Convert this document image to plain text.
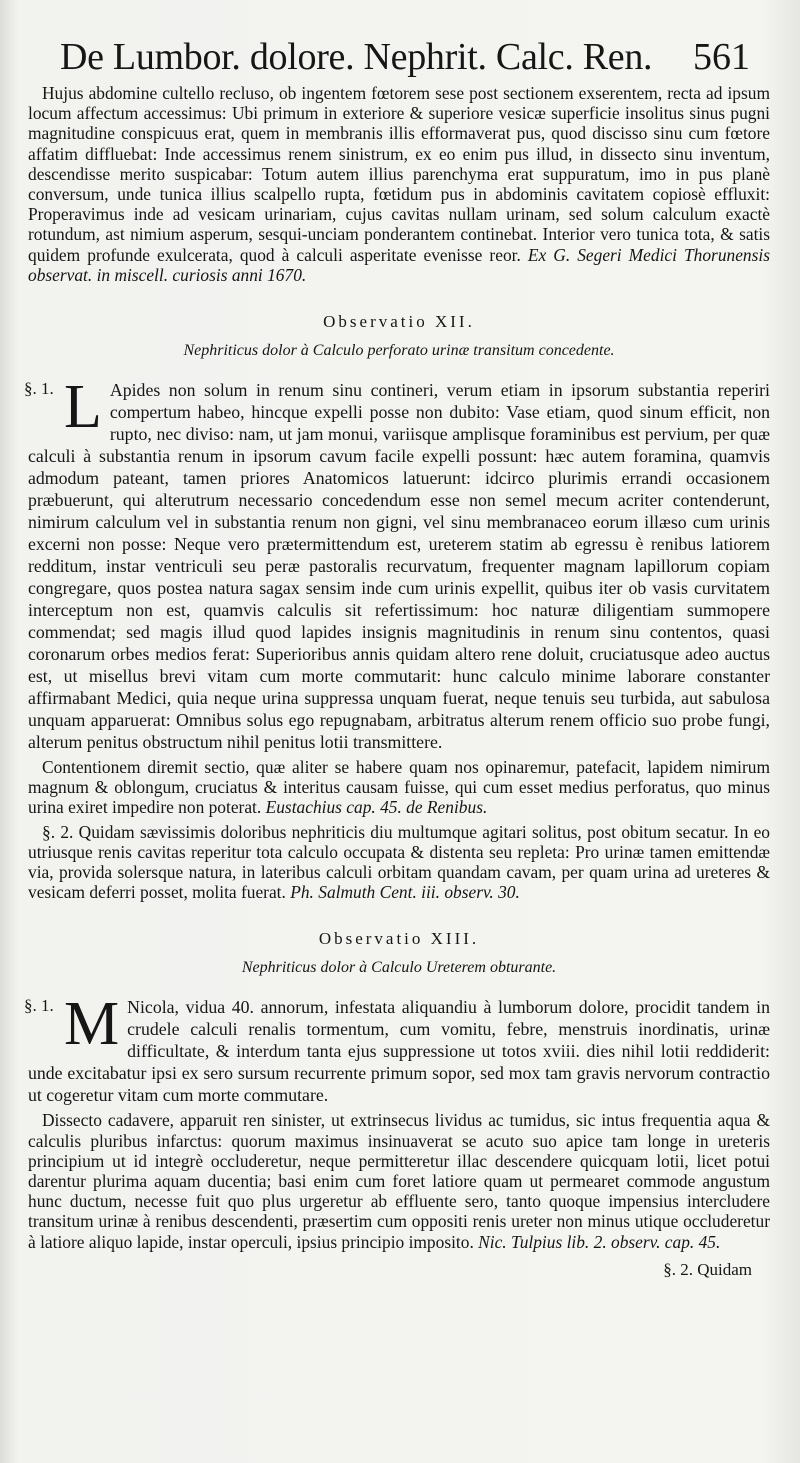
De Lumbor. dolore. Nephrit. Calc. Ren. 561

Hujus abdomine cultello recluso, ob ingentem fœtorem sese post sectionem exserentem, recta ad ipsum locum affectum accessimus: Ubi primum in exteriore & superiore vesicæ superficie insolitus sinus pugni magnitudine conspicuus erat, quem in membranis illis efformaverat pus, quod discisso sinu cum fœtore affatim diffluebat: Inde accessimus renem sinistrum, ex eo enim pus illud, in dissecto sinu inventum, descendisse merito suspicabar: Totum autem illius parenchyma erat suppuratum, imo in pus planè conversum, unde tunica illius scalpello rupta, fœtidum pus in abdominis cavitatem copiosè effluxit: Properavimus inde ad vesicam urinariam, cujus cavitas nullam urinam, sed solum calculum exactè rotundum, ast nimium asperum, sesqui-unciam ponderantem continebat. Interior vero tunica tota, & satis quidem profunde exulcerata, quod à calculi asperitate evenisse reor. Ex G. Segeri Medici Thorunensis observat. in miscell. curiosis anni 1670.

Observatio XII.
Nephriticus dolor à Calculo perforato urinæ transitum concedente.
§. 1. L Apides non solum in renum sinu contineri, verum etiam in ipsorum substantia reperiri compertum habeo, hincque expelli posse non dubito: Vase etiam, quod sinum efficit, non rupto, nec diviso: nam, ut jam monui, variisque amplisque foraminibus est pervium, per quæ calculi à substantia renum in ipsorum cavum facile expelli possunt: hæc autem foramina, quamvis admodum pateant, tamen priores Anatomicos latuerunt: idcirco plurimis errandi occasionem præbuerunt, qui alterutrum necessario concedendum esse non semel mecum acriter contenderunt, nimirum calculum vel in substantia renum non gigni, vel sinu membranaceo eorum illæso cum urinis excerni non posse: Neque vero prætermittendum est, ureterem statim ab egressu è renibus latiorem redditum, instar ventriculi seu peræ pastoralis recurvatum, frequenter magnam lapillorum copiam congregare, quos postea natura sagax sensim inde cum urinis expellit, quibus iter ob vasis curvitatem interceptum non est, quamvis calculis sit refertissimum: hoc naturæ diligentiam summopere commendat; sed magis illud quod lapides insignis magnitudinis in renum sinu contentos, quasi coronarum orbes medios ferat: Superioribus annis quidam altero rene doluit, cruciatusque adeo auctus est, ut misellus brevi vitam cum morte commutarit: hunc calculo minime laborare constanter affirmabant Medici, quia neque urina suppressa unquam fuerat, neque tenuis seu turbida, aut sabulosa unquam apparuerat: Omnibus solus ego repugnabam, arbitratus alterum renem officio suo probe fungi, alterum penitus obstructum nihil penitus lotii transmittere.

Contentionem diremit sectio, quæ aliter se habere quam nos opinaremur, patefacit, lapidem nimirum magnum & oblongum, cruciatus & interitus causam fuisse, qui cum esset medius perforatus, quo minus urina exiret impedire non poterat. Eustachius cap. 45. de Renibus.

§. 2. Quidam sævissimis doloribus nephriticis diu multumque agitari solitus, post obitum secatur. In eo utriusque renis cavitas reperitur tota calculo occupata & distenta seu repleta: Pro urinæ tamen emittendæ via, provida solersque natura, in lateribus calculi orbitam quandam cavam, per quam urina ad ureteres & vesicam deferri posset, molita fuerat. Ph. Salmuth Cent. iii. observ. 30.

Observatio XIII.
Nephriticus dolor à Calculo Ureterem obturante.
§. 1. M Nicola, vidua 40. annorum, infestata aliquandiu à lumborum dolore, procidit tandem in crudele calculi renalis tormentum, cum vomitu, febre, menstruis inordinatis, urinæ difficultate, & interdum tanta ejus suppressione ut totos xviii. dies nihil lotii reddiderit: unde excitabatur ipsi ex sero sursum recurrente primum sopor, sed mox tam gravis nervorum contractio ut cogeretur vitam cum morte commutare.

Dissecto cadavere, apparuit ren sinister, ut extrinsecus lividus ac tumidus, sic intus frequentia aqua & calculis pluribus infarctus: quorum maximus insinuaverat se acuto suo apice tam longe in ureteris principium ut id integrè occluderetur, neque permitteretur illac descendere quicquam lotii, licet potui darentur plurima aquam ducentia; basi enim cum foret latiore quam ut permearet commode angustum hunc ductum, necesse fuit quo plus urgeretur ab effluente sero, tanto quoque impensius intercludere transitum urinæ à renibus descendenti, præsertim cum oppositi renis ureter non minus utique occluderetur à latiore aliquo lapide, instar operculi, ipsius principio imposito. Nic. Tulpius lib. 2. observ. cap. 45.

§. 2. Quidam
